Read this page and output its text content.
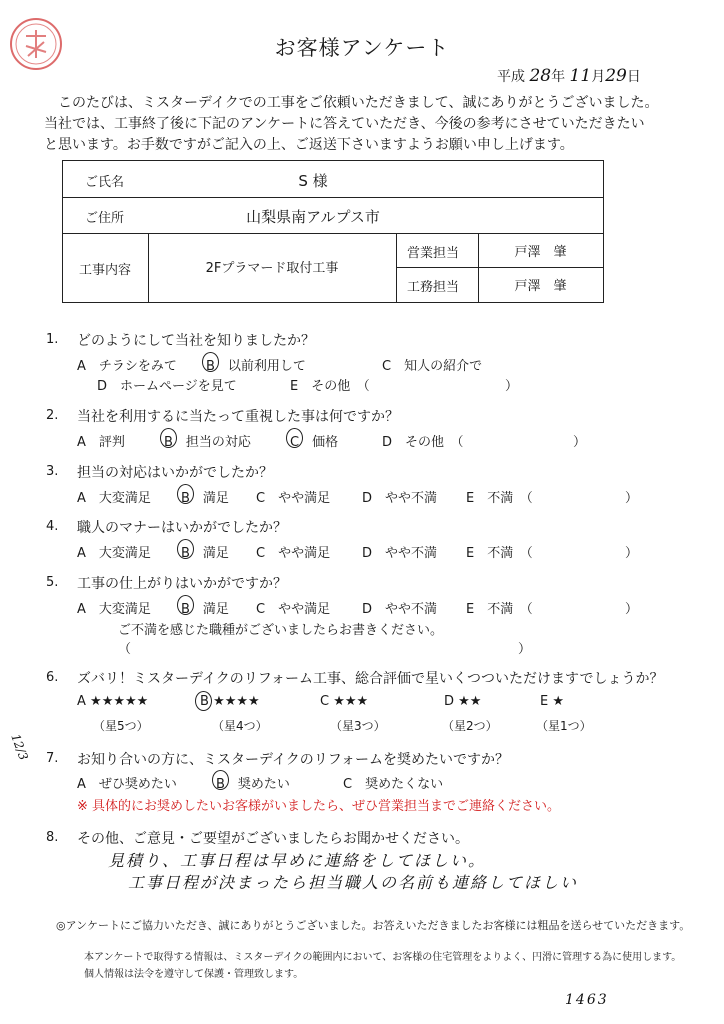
お客様アンケート
平成 28年 11月29日
このたびは、ミスターデイクでの工事をご依頼いただきまして、誠にありがとうございました。
当社では、工事終了後に下記のアンケートに答えていただき、今後の参考にさせていただきたい
と思います。お手数ですがご記入の上、ご返送下さいますようお願い申し上げます。
ご氏名	S 様
ご住所	山梨県南アルプス市
工事内容	2Fプラマード取付工事
営業担当	戸澤　肇
工務担当	戸澤　肇
1. どのようにして当社を知りましたか？
A　チラシをみて B　以前利用して	C　知人の紹介で
D　ホームページを見て	E　その他　（	）
2. 当社を利用するに当たって重視した事は何ですか？
A　評判	B　担当の対応	C　価格	D　その他　（	）
3. 担当の対応はいかがでしたか？
A　大変満足 B　満足 C　やや満足 D　やや不満 E　不満　（	）
4. 職人のマナーはいかがでしたか？
A　大変満足 B　満足 C　やや満足 D　やや不満 E　不満　（	）
5. 工事の仕上がりはいかがですか？
A　大変満足 B　満足 C　やや満足 D　やや不満 E　不満　（	）
ご不満を感じた職種がございましたらお書きください。
（	）
6. ズバリ！ミスターデイクのリフォーム工事、総合評価で星いくつついただけますでしょうか？
A ★★★★★	B ★★★★	C ★★★	D ★★	E ★
（星5つ）	（星4つ）	（星3つ）	（星2つ）	（星1つ）
12/3 7. お知り合いの方に、ミスターデイクのリフォームを奨めたいですか？
A　ぜひ奨めたい	B　奨めたい	C　奨めたくない
※ 具体的にお奨めしたいお客様がいましたら、ぜひ営業担当までご連絡ください。
8. その他、ご意見・ご要望がございましたらお聞かせください。
見積り、工事日程は早めに連絡をしてほしい。
工事日程が決まったら担当職人の名前も連絡してほしい
◎アンケートにご協力いただき、誠にありがとうございました。お答えいただきましたお客様には粗品を送らせていただきます。
本アンケートで取得する情報は、ミスターデイクの範囲内において、お客様の住宅管理をよりよく、円滑に管理する為に使用します。
個人情報は法令を遵守して保護・管理致します。
1463
